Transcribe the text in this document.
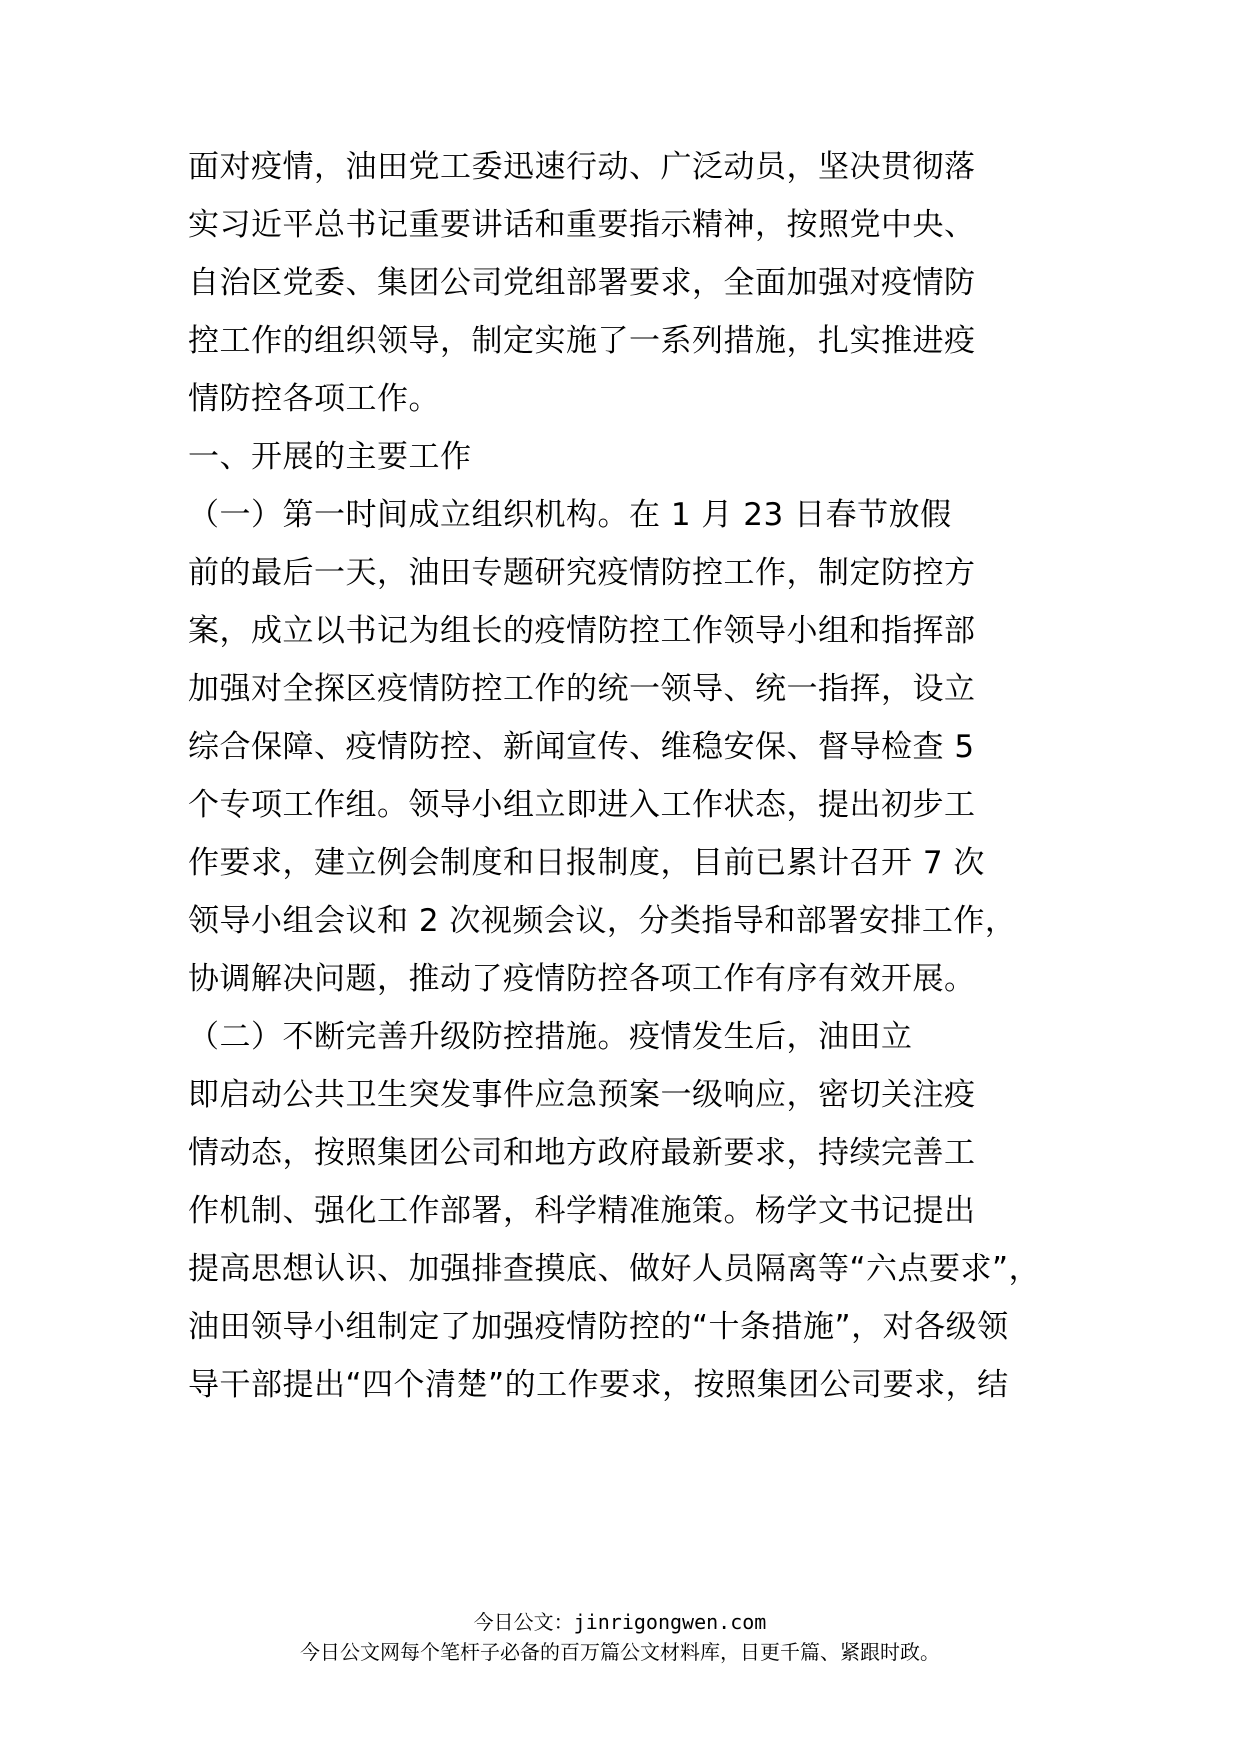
面对疫情，油田党工委迅速行动、广泛动员，坚决贯彻落
实习近平总书记重要讲话和重要指示精神，按照党中央、
自治区党委、集团公司党组部署要求，全面加强对疫情防
控工作的组织领导，制定实施了一系列措施，扎实推进疫
情防控各项工作。
一、开展的主要工作
（一）第一时间成立组织机构。在 1 月 23 日春节放假
前的最后一天，油田专题研究疫情防控工作，制定防控方
案，成立以书记为组长的疫情防控工作领导小组和指挥部
加强对全探区疫情防控工作的统一领导、统一指挥，设立
综合保障、疫情防控、新闻宣传、维稳安保、督导检查 5
个专项工作组。领导小组立即进入工作状态，提出初步工
作要求，建立例会制度和日报制度，目前已累计召开 7 次
领导小组会议和 2 次视频会议，分类指导和部署安排工作，
协调解决问题，推动了疫情防控各项工作有序有效开展。
（二）不断完善升级防控措施。疫情发生后，油田立
即启动公共卫生突发事件应急预案一级响应，密切关注疫
情动态，按照集团公司和地方政府最新要求，持续完善工
作机制、强化工作部署，科学精准施策。杨学文书记提出
提高思想认识、加强排查摸底、做好人员隔离等“六点要求”，
油田领导小组制定了加强疫情防控的“十条措施”，对各级领
导干部提出“四个清楚”的工作要求，按照集团公司要求，结
今日公文：jinrigongwen.com
今日公文网每个笔杆子必备的百万篇公文材料库，日更千篇、紧跟时政。
